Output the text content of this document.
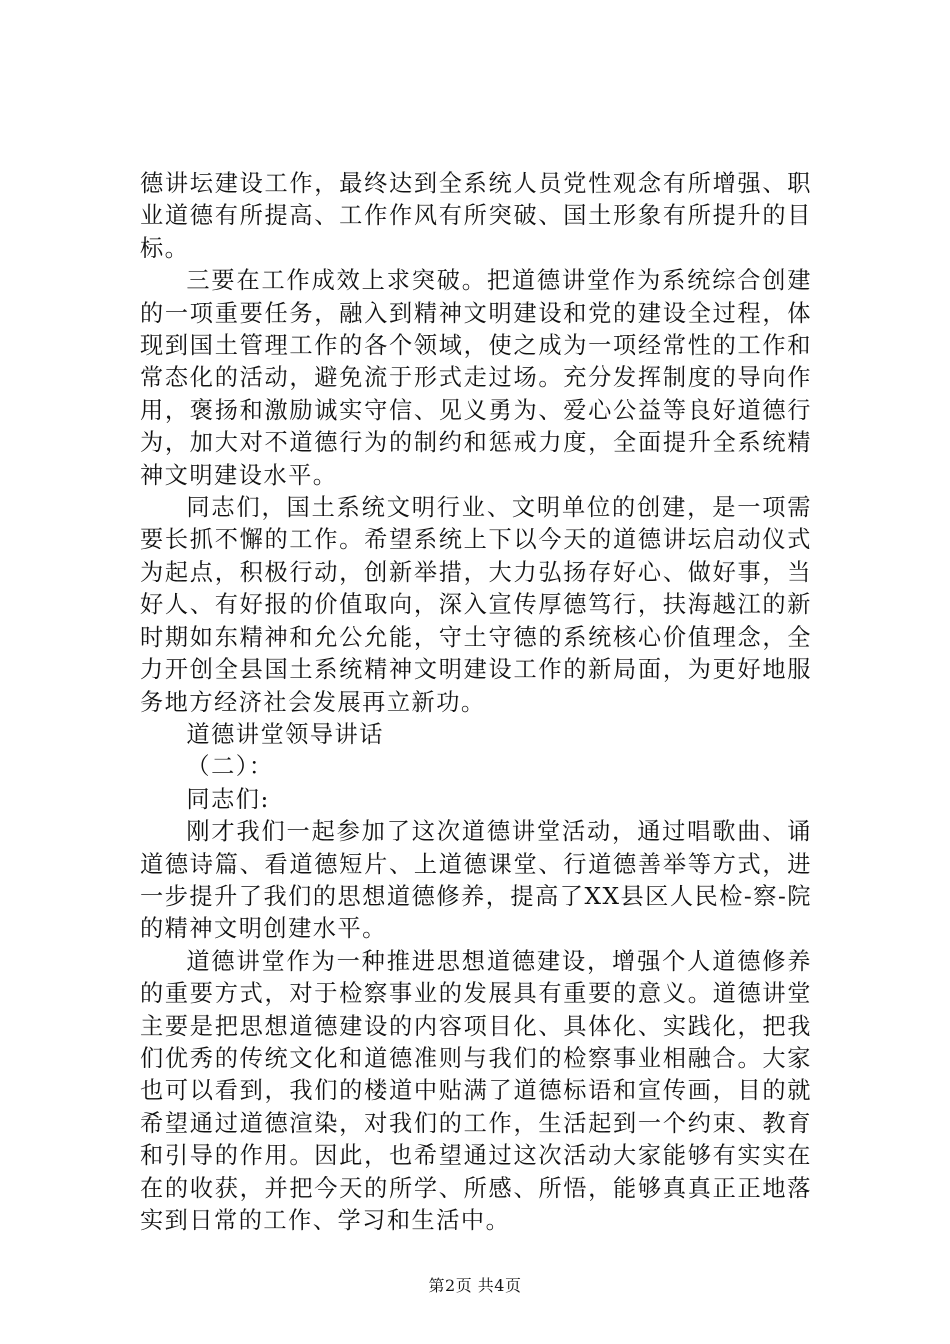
德讲坛建设工作，最终达到全系统人员党性观念有所增强、职业道德有所提高、工作作风有所突破、国土形象有所提升的目标。

三要在工作成效上求突破。把道德讲堂作为系统综合创建的一项重要任务，融入到精神文明建设和党的建设全过程，体现到国土管理工作的各个领域，使之成为一项经常性的工作和常态化的活动，避免流于形式走过场。充分发挥制度的导向作用，褒扬和激励诚实守信、见义勇为、爱心公益等良好道德行为，加大对不道德行为的制约和惩戒力度，全面提升全系统精神文明建设水平。

同志们，国土系统文明行业、文明单位的创建，是一项需要长抓不懈的工作。希望系统上下以今天的道德讲坛启动仪式为起点，积极行动，创新举措，大力弘扬存好心、做好事，当好人、有好报的价值取向，深入宣传厚德笃行，扶海越江的新时期如东精神和允公允能，守土守德的系统核心价值理念，全力开创全县国土系统精神文明建设工作的新局面，为更好地服务地方经济社会发展再立新功。

道德讲堂领导讲话

（二）：

同志们:

刚才我们一起参加了这次道德讲堂活动，通过唱歌曲、诵道德诗篇、看道德短片、上道德课堂、行道德善举等方式，进一步提升了我们的思想道德修养，提高了XX县区人民检-察-院的精神文明创建水平。

道德讲堂作为一种推进思想道德建设，增强个人道德修养的重要方式，对于检察事业的发展具有重要的意义。道德讲堂主要是把思想道德建设的内容项目化、具体化、实践化，把我们优秀的传统文化和道德准则与我们的检察事业相融合。大家也可以看到，我们的楼道中贴满了道德标语和宣传画，目的就希望通过道德渲染，对我们的工作，生活起到一个约束、教育和引导的作用。因此，也希望通过这次活动大家能够有实实在在的收获，并把今天的所学、所感、所悟，能够真真正正地落实到日常的工作、学习和生活中。

第2页 共4页
